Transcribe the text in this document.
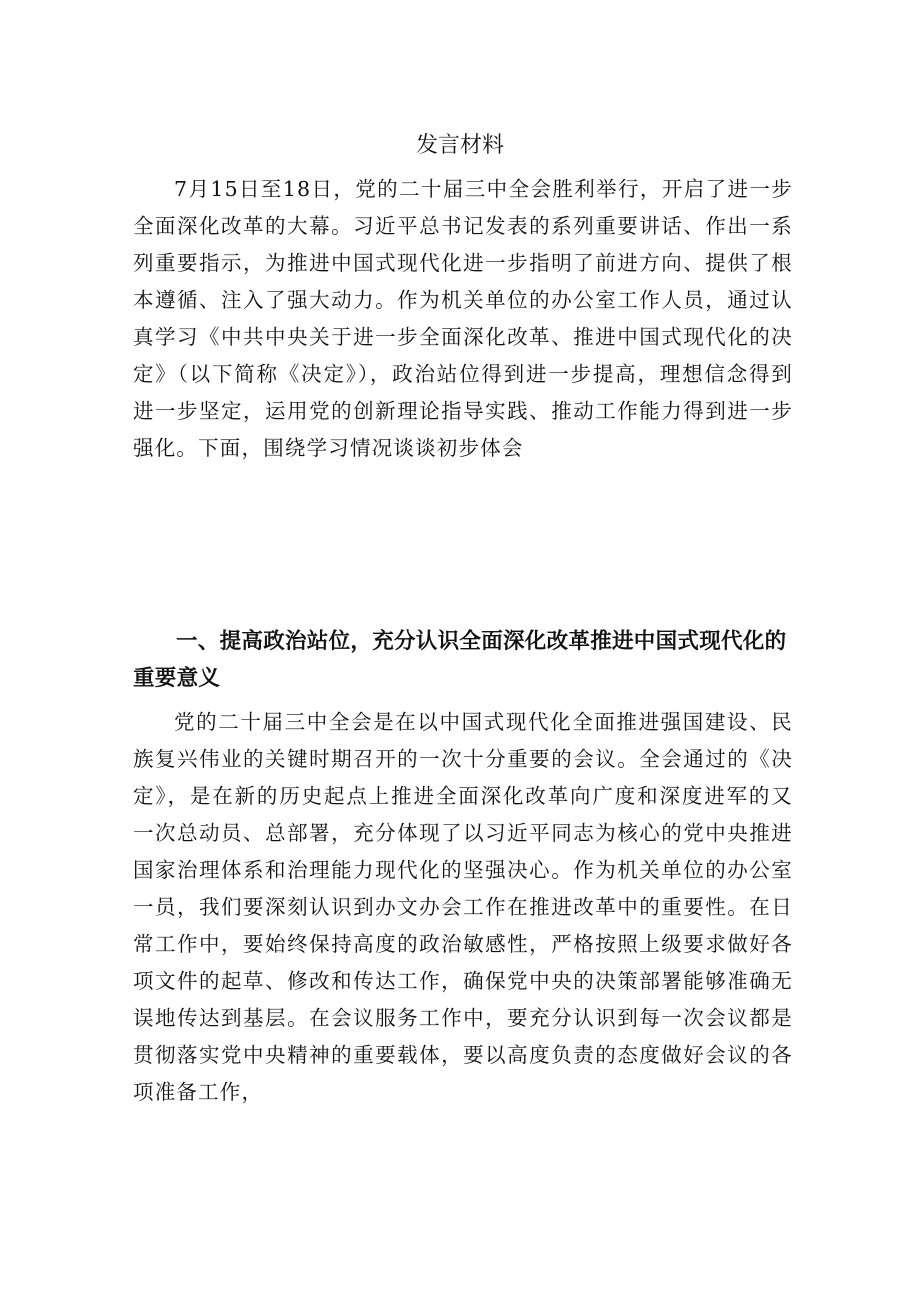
发言材料

7月15日至18日，党的二十届三中全会胜利举行，开启了进一步全面深化改革的大幕。习近平总书记发表的系列重要讲话、作出一系列重要指示，为推进中国式现代化进一步指明了前进方向、提供了根本遵循、注入了强大动力。作为机关单位的办公室工作人员，通过认真学习《中共中央关于进一步全面深化改革、推进中国式现代化的决定》（以下简称《决定》），政治站位得到进一步提高，理想信念得到进一步坚定，运用党的创新理论指导实践、推动工作能力得到进一步强化。下面，围绕学习情况谈谈初步体会

一、提高政治站位，充分认识全面深化改革推进中国式现代化的重要意义

党的二十届三中全会是在以中国式现代化全面推进强国建设、民族复兴伟业的关键时期召开的一次十分重要的会议。全会通过的《决定》，是在新的历史起点上推进全面深化改革向广度和深度进军的又一次总动员、总部署，充分体现了以习近平同志为核心的党中央推进国家治理体系和治理能力现代化的坚强决心。作为机关单位的办公室一员，我们要深刻认识到办文办会工作在推进改革中的重要性。在日常工作中，要始终保持高度的政治敏感性，严格按照上级要求做好各项文件的起草、修改和传达工作，确保党中央的决策部署能够准确无误地传达到基层。在会议服务工作中，要充分认识到每一次会议都是贯彻落实党中央精神的重要载体，要以高度负责的态度做好会议的各项准备工作，
